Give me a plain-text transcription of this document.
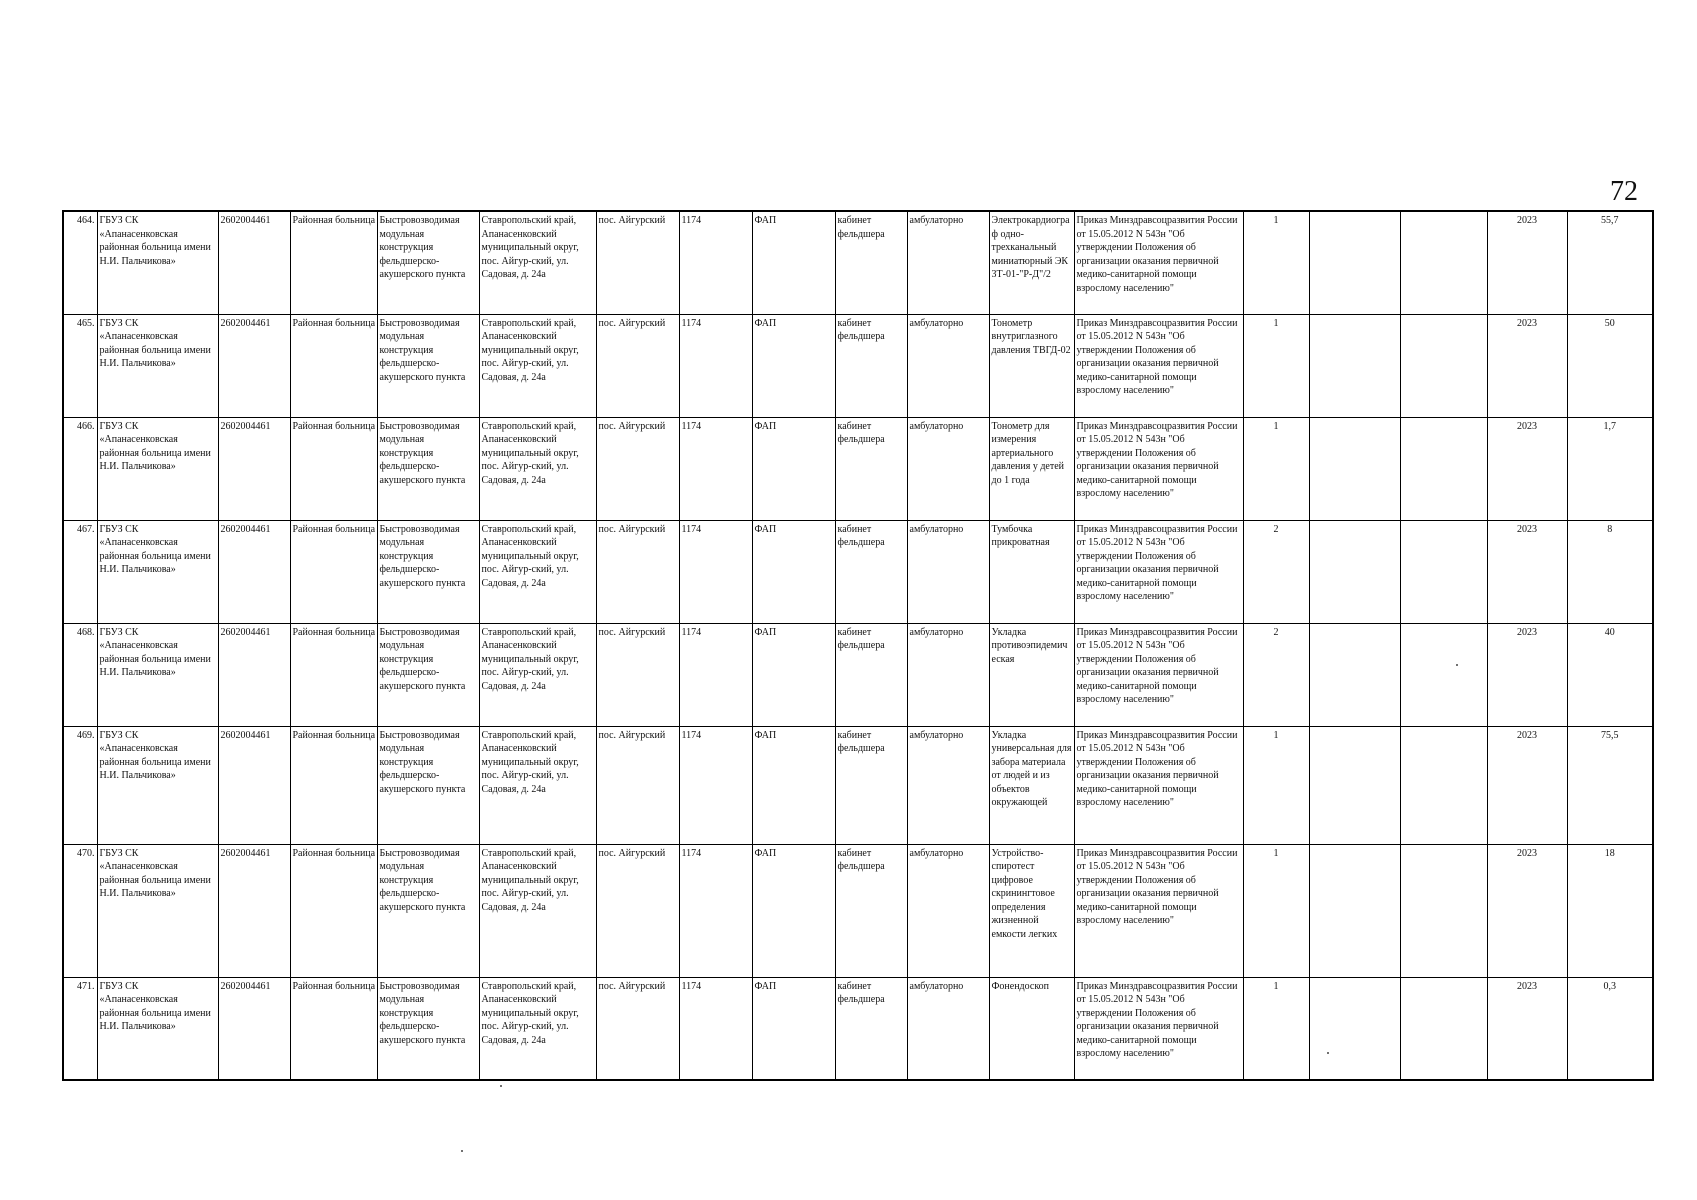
72
464.	ГБУЗ СК «Апанасенковская районная больница имени Н.И. Пальчикова»	2602004461	Районная больница	Быстровозводимая модульная конструкция фельдшерско-акушерского пункта	Ставропольский край, Апанасенковский муниципальный округ, пос. Айгур-ский, ул. Садовая, д. 24а	пос. Айгурский	1174	ФАП	кабинет фельдшера	амбулаторно	Электрокардиограф одно-трехканальный миниатюрный ЭК 3Т-01-"Р-Д"/2	Приказ Минздравсоцразвития России от 15.05.2012 N 543н "Об утверждении Положения об организации оказания первичной медико-санитарной помощи взрослому населению"	1			2023	55,7
465.	ГБУЗ СК «Апанасенковская районная больница имени Н.И. Пальчикова»	2602004461	Районная больница	Быстровозводимая модульная конструкция фельдшерско-акушерского пункта	Ставропольский край, Апанасенковский муниципальный округ, пос. Айгур-ский, ул. Садовая, д. 24а	пос. Айгурский	1174	ФАП	кабинет фельдшера	амбулаторно	Тонометр внутриглазного давления ТВГД-02	Приказ Минздравсоцразвития России от 15.05.2012 N 543н "Об утверждении Положения об организации оказания первичной медико-санитарной помощи взрослому населению"	1			2023	50
466.	ГБУЗ СК «Апанасенковская районная больница имени Н.И. Пальчикова»	2602004461	Районная больница	Быстровозводимая модульная конструкция фельдшерско-акушерского пункта	Ставропольский край, Апанасенковский муниципальный округ, пос. Айгур-ский, ул. Садовая, д. 24а	пос. Айгурский	1174	ФАП	кабинет фельдшера	амбулаторно	Тонометр для измерения артериального давления у детей до 1 года	Приказ Минздравсоцразвития России от 15.05.2012 N 543н "Об утверждении Положения об организации оказания первичной медико-санитарной помощи взрослому населению"	1			2023	1,7
467.	ГБУЗ СК «Апанасенковская районная больница имени Н.И. Пальчикова»	2602004461	Районная больница	Быстровозводимая модульная конструкция фельдшерско-акушерского пункта	Ставропольский край, Апанасенковский муниципальный округ, пос. Айгур-ский, ул. Садовая, д. 24а	пос. Айгурский	1174	ФАП	кабинет фельдшера	амбулаторно	Тумбочка прикроватная	Приказ Минздравсоцразвития России от 15.05.2012 N 543н "Об утверждении Положения об организации оказания первичной медико-санитарной помощи взрослому населению"	2			2023	8
468.	ГБУЗ СК «Апанасенковская районная больница имени Н.И. Пальчикова»	2602004461	Районная больница	Быстровозводимая модульная конструкция фельдшерско-акушерского пункта	Ставропольский край, Апанасенковский муниципальный округ, пос. Айгур-ский, ул. Садовая, д. 24а	пос. Айгурский	1174	ФАП	кабинет фельдшера	амбулаторно	Укладка противоэпидемическая	Приказ Минздравсоцразвития России от 15.05.2012 N 543н "Об утверждении Положения об организации оказания первичной медико-санитарной помощи взрослому населению"	2			2023	40
469.	ГБУЗ СК «Апанасенковская районная больница имени Н.И. Пальчикова»	2602004461	Районная больница	Быстровозводимая модульная конструкция фельдшерско-акушерского пункта	Ставропольский край, Апанасенковский муниципальный округ, пос. Айгур-ский, ул. Садовая, д. 24а	пос. Айгурский	1174	ФАП	кабинет фельдшера	амбулаторно	Укладка универсальная для забора материала от людей и из объектов окружающей	Приказ Минздравсоцразвития России от 15.05.2012 N 543н "Об утверждении Положения об организации оказания первичной медико-санитарной помощи взрослому населению"	1			2023	75,5
470.	ГБУЗ СК «Апанасенковская районная больница имени Н.И. Пальчикова»	2602004461	Районная больница	Быстровозводимая модульная конструкция фельдшерско-акушерского пункта	Ставропольский край, Апанасенковский муниципальный округ, пос. Айгур-ский, ул. Садовая, д. 24а	пос. Айгурский	1174	ФАП	кабинет фельдшера	амбулаторно	Устройство-спиротест цифровое скринингтовое определения жизненной емкости легких	Приказ Минздравсоцразвития России от 15.05.2012 N 543н "Об утверждении Положения об организации оказания первичной медико-санитарной помощи взрослому населению"	1			2023	18
471.	ГБУЗ СК «Апанасенковская районная больница имени Н.И. Пальчикова»	2602004461	Районная больница	Быстровозводимая модульная конструкция фельдшерско-акушерского пункта	Ставропольский край, Апанасенковский муниципальный округ, пос. Айгур-ский, ул. Садовая, д. 24а	пос. Айгурский	1174	ФАП	кабинет фельдшера	амбулаторно	Фонендоскоп	Приказ Минздравсоцразвития России от 15.05.2012 N 543н "Об утверждении Положения об организации оказания первичной медико-санитарной помощи взрослому населению"	1			2023	0,3
